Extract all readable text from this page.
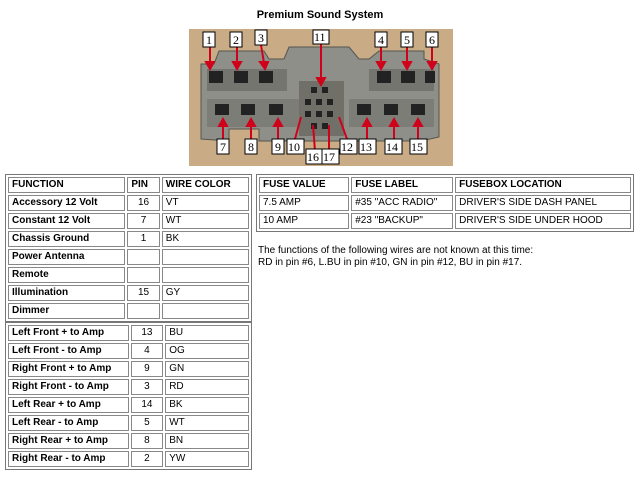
Premium Sound System
1 2 3	4 5 6
11
7 8 9 10
16 17
12 13 14 15
FUNCTION	PIN	WIRE COLOR
Accessory 12 Volt	16	VT
Constant 12 Volt	7	WT
Chassis Ground	1	BK
Power Antenna		
Remote		
Illumination	15	GY
Dimmer		
Left Front + to Amp	13	BU
Left Front - to Amp	4	OG
Right Front + to Amp	9	GN
Right Front - to Amp	3	RD
Left Rear + to Amp	14	BK
Left Rear - to Amp	5	WT
Right Rear + to Amp	8	BN
Right Rear - to Amp	2	YW
FUSE VALUE	FUSE LABEL	FUSEBOX LOCATION
7.5 AMP	#35 "ACC RADIO"	DRIVER'S SIDE DASH PANEL
10 AMP	#23 "BACKUP"	DRIVER'S SIDE UNDER HOOD
The functions of the following wires are not known at this time:
RD in pin #6, L.BU in pin #10, GN in pin #12, BU in pin #17.
